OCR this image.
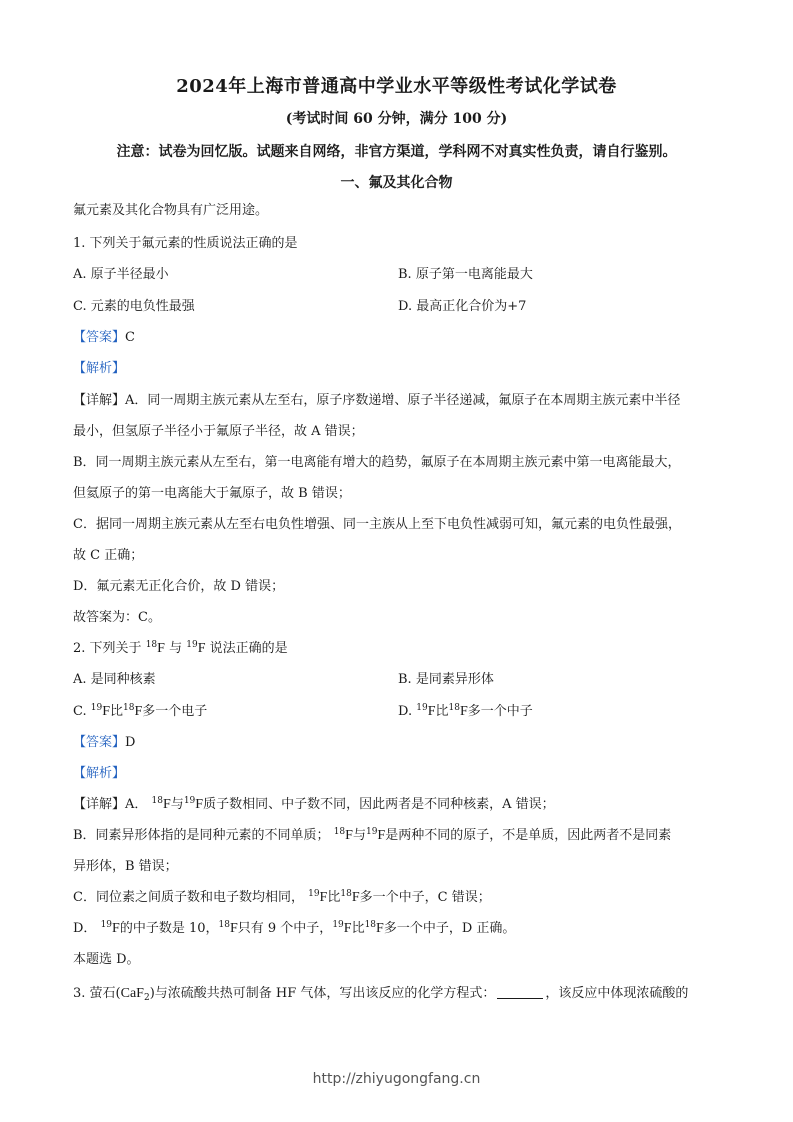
2024年上海市普通高中学业水平等级性考试化学试卷
(考试时间 60 分钟，满分 100 分)
注意：试卷为回忆版。试题来自网络，非官方渠道，学科网不对真实性负责，请自行鉴别。
一、氟及其化合物
氟元素及其化合物具有广泛用途。
1. 下列关于氟元素的性质说法正确的是
A. 原子半径最小	B. 原子第一电离能最大
C. 元素的电负性最强	D. 最高正化合价为+7
【答案】C
【解析】
【详解】A．同一周期主族元素从左至右，原子序数递增、原子半径递减，氟原子在本周期主族元素中半径
最小，但氢原子半径小于氟原子半径，故 A 错误；
B．同一周期主族元素从左至右，第一电离能有增大的趋势，氟原子在本周期主族元素中第一电离能最大，
但氦原子的第一电离能大于氟原子，故 B 错误；
C．据同一周期主族元素从左至右电负性增强、同一主族从上至下电负性减弱可知，氟元素的电负性最强，
故 C 正确；
D．氟元素无正化合价，故 D 错误；
故答案为：C。
2. 下列关于 $^{18}$F 与 $^{19}$F 说法正确的是
A. 是同种核素	B. 是同素异形体
C. $^{19}$F比$^{18}$F多一个电子	D. $^{19}$F比$^{18}$F多一个中子
【答案】D
【解析】
【详解】A． $^{18}$F与$^{19}$F质子数相同、中子数不同，因此两者是不同种核素，A 错误；
B．同素异形体指的是同种元素的不同单质； $^{18}$F与$^{19}$F是两种不同的原子，不是单质，因此两者不是同素
异形体，B 错误；
C．同位素之间质子数和电子数均相同， $^{19}$F比$^{18}$F多一个中子，C 错误；
D． $^{19}$F的中子数是 10，$^{18}$F只有 9 个中子，$^{19}$F比$^{18}$F多一个中子，D 正确。
本题选 D。
3. 萤石(CaF$_2$)与浓硫酸共热可制备 HF 气体，写出该反应的化学方程式：	，该反应中体现浓硫酸的
http://zhiyugongfang.cn
